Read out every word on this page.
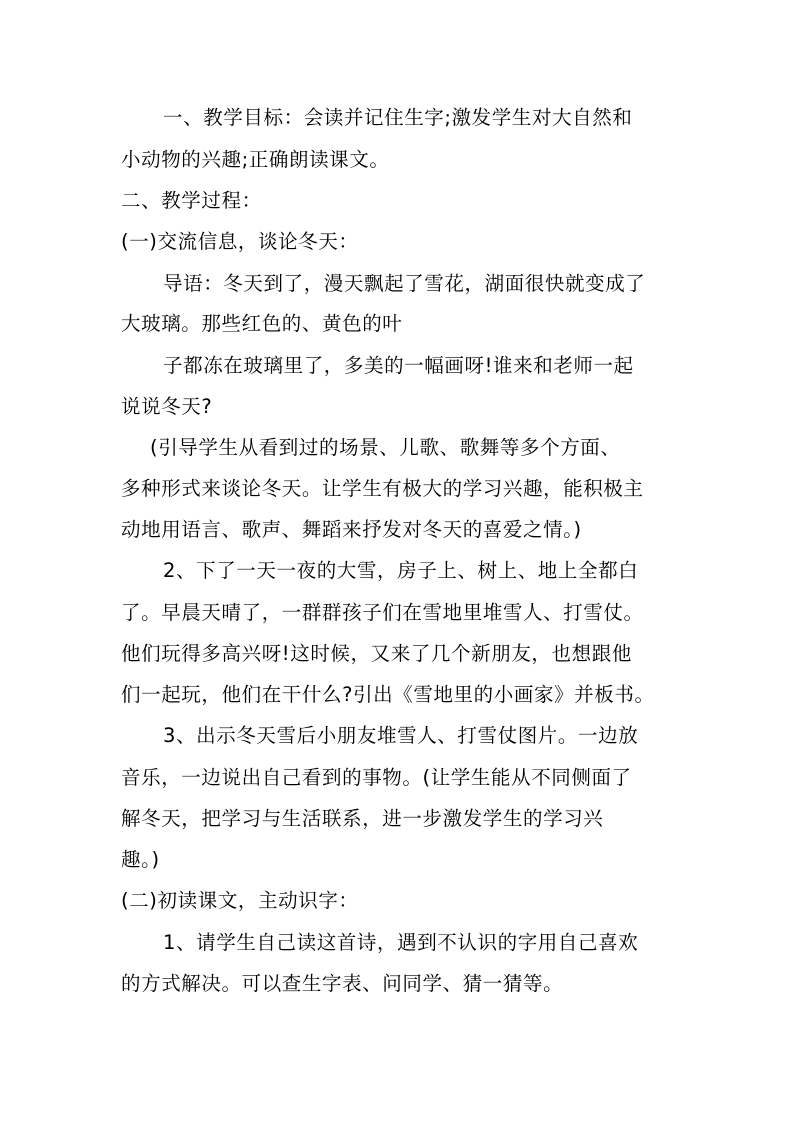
一、教学目标：会读并记住生字;激发学生对大自然和
小动物的兴趣;正确朗读课文。
二、教学过程：
(一)交流信息，谈论冬天：
导语：冬天到了，漫天飘起了雪花，湖面很快就变成了
大玻璃。那些红色的、黄色的叶
子都冻在玻璃里了，多美的一幅画呀!谁来和老师一起
说说冬天?
(引导学生从看到过的场景、儿歌、歌舞等多个方面、
多种形式来谈论冬天。让学生有极大的学习兴趣，能积极主
动地用语言、歌声、舞蹈来抒发对冬天的喜爱之情。)
2、下了一天一夜的大雪，房子上、树上、地上全都白
了。早晨天晴了，一群群孩子们在雪地里堆雪人、打雪仗。
他们玩得多高兴呀!这时候，又来了几个新朋友，也想跟他
们一起玩，他们在干什么?引出《雪地里的小画家》并板书。
3、出示冬天雪后小朋友堆雪人、打雪仗图片。一边放
音乐，一边说出自己看到的事物。(让学生能从不同侧面了
解冬天，把学习与生活联系，进一步激发学生的学习兴
趣。)
(二)初读课文，主动识字：
1、请学生自己读这首诗，遇到不认识的字用自己喜欢
的方式解决。可以查生字表、问同学、猜一猜等。
